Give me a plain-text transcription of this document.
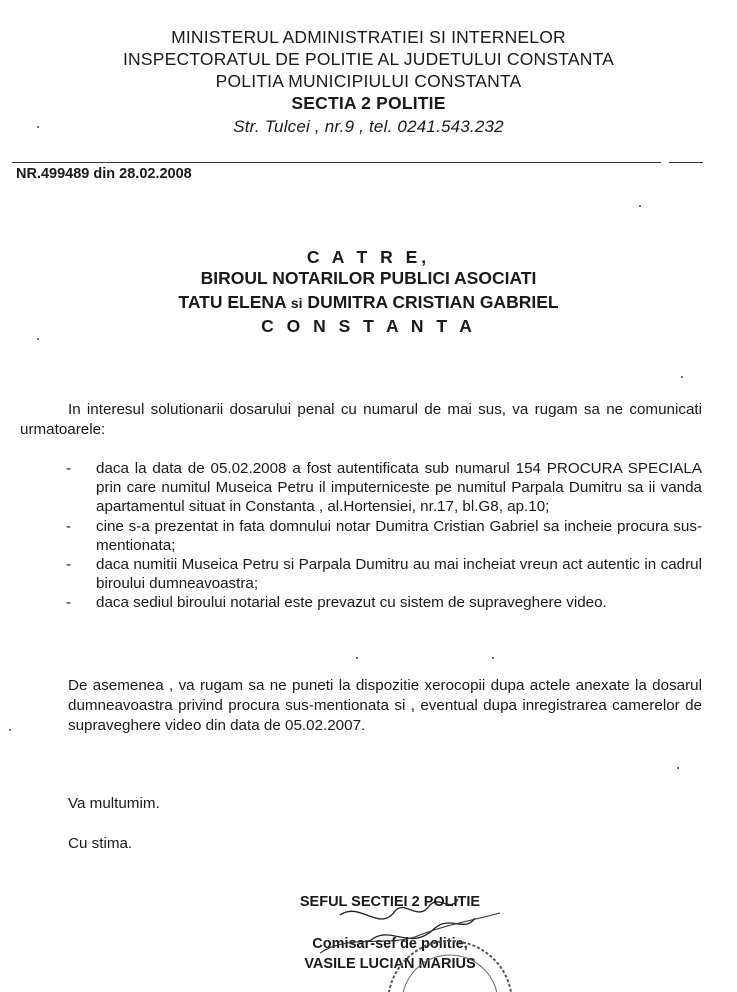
MINISTERUL ADMINISTRATIEI SI INTERNELOR
INSPECTORATUL DE POLITIE AL JUDETULUI CONSTANTA
POLITIA MUNICIPIULUI CONSTANTA
SECTIA 2 POLITIE
Str. Tulcei , nr.9 , tel. 0241.543.232
NR.499489 din 28.02.2008
C A T R E,
BIROUL NOTARILOR PUBLICI ASOCIATI
TATU ELENA si DUMITRA CRISTIAN GABRIEL
C O N S T A N T A
In interesul solutionarii dosarului penal cu numarul de mai sus, va rugam sa ne comunicati urmatoarele:
- daca la data de 05.02.2008 a fost autentificata sub numarul 154 PROCURA SPECIALA prin care numitul Museica Petru il imputerniceste pe numitul Parpala Dumitru sa ii vanda apartamentul situat in Constanta , al.Hortensiei, nr.17, bl.G8, ap.10;
- cine s-a prezentat in fata domnului notar Dumitra Cristian Gabriel sa incheie procura sus-mentionata;
- daca numitii Museica Petru si Parpala Dumitru au mai incheiat vreun act autentic in cadrul biroului dumneavoastra;
- daca sediul biroului notarial este prevazut cu sistem de supraveghere video.
De asemenea , va rugam sa ne puneti la dispozitie xerocopii dupa actele anexate la dosarul dumneavoastra privind procura sus-mentionata si , eventual dupa inregistrarea camerelor de supraveghere video din data de 05.02.2007.
Va multumim.
Cu stima.
SEFUL SECTIEI 2 POLITIE
Comisar-sef de politie,
VASILE LUCIAN MARIUS
